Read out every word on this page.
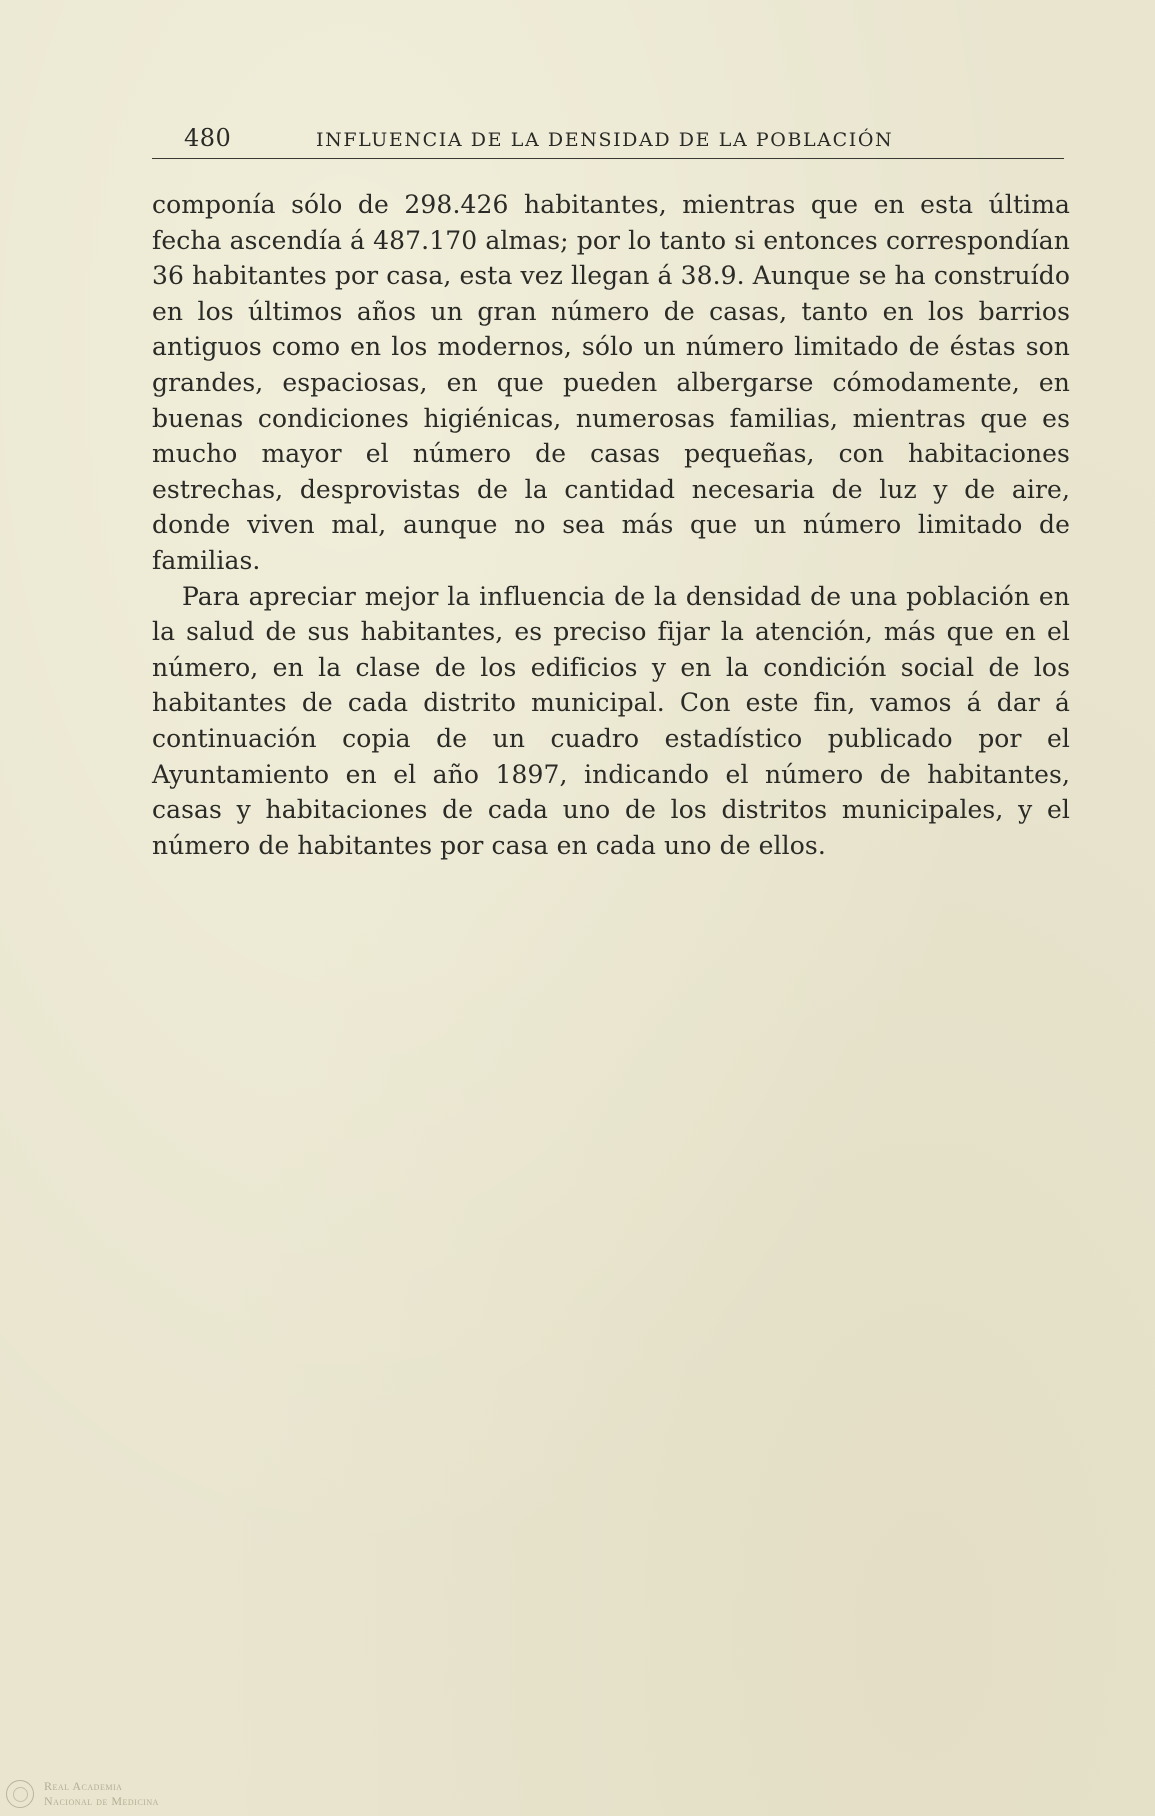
480	INFLUENCIA DE LA DENSIDAD DE LA POBLACIÓN

componía sólo de 298.426 habitantes, mientras que en esta última fecha ascendía á 487.170 almas; por lo tanto si entonces correspondían 36 habitantes por casa, esta vez llegan á 38.9. Aunque se ha construído en los últimos años un gran número de casas, tanto en los barrios antiguos como en los modernos, sólo un número limitado de éstas son grandes, espaciosas, en que pueden albergarse cómodamente, en buenas condiciones higiénicas, numerosas familias, mientras que es mucho mayor el número de casas pequeñas, con habitaciones estrechas, desprovistas de la cantidad necesaria de luz y de aire, donde viven mal, aunque no sea más que un número limitado de familias.

Para apreciar mejor la influencia de la densidad de una población en la salud de sus habitantes, es preciso fijar la atención, más que en el número, en la clase de los edificios y en la condición social de los habitantes de cada distrito municipal. Con este fin, vamos á dar á continuación copia de un cuadro estadístico publicado por el Ayuntamiento en el año 1897, indicando el número de habitantes, casas y habitaciones de cada uno de los distritos municipales, y el número de habitantes por casa en cada uno de ellos.

Real Academia
Nacional de Medicina
